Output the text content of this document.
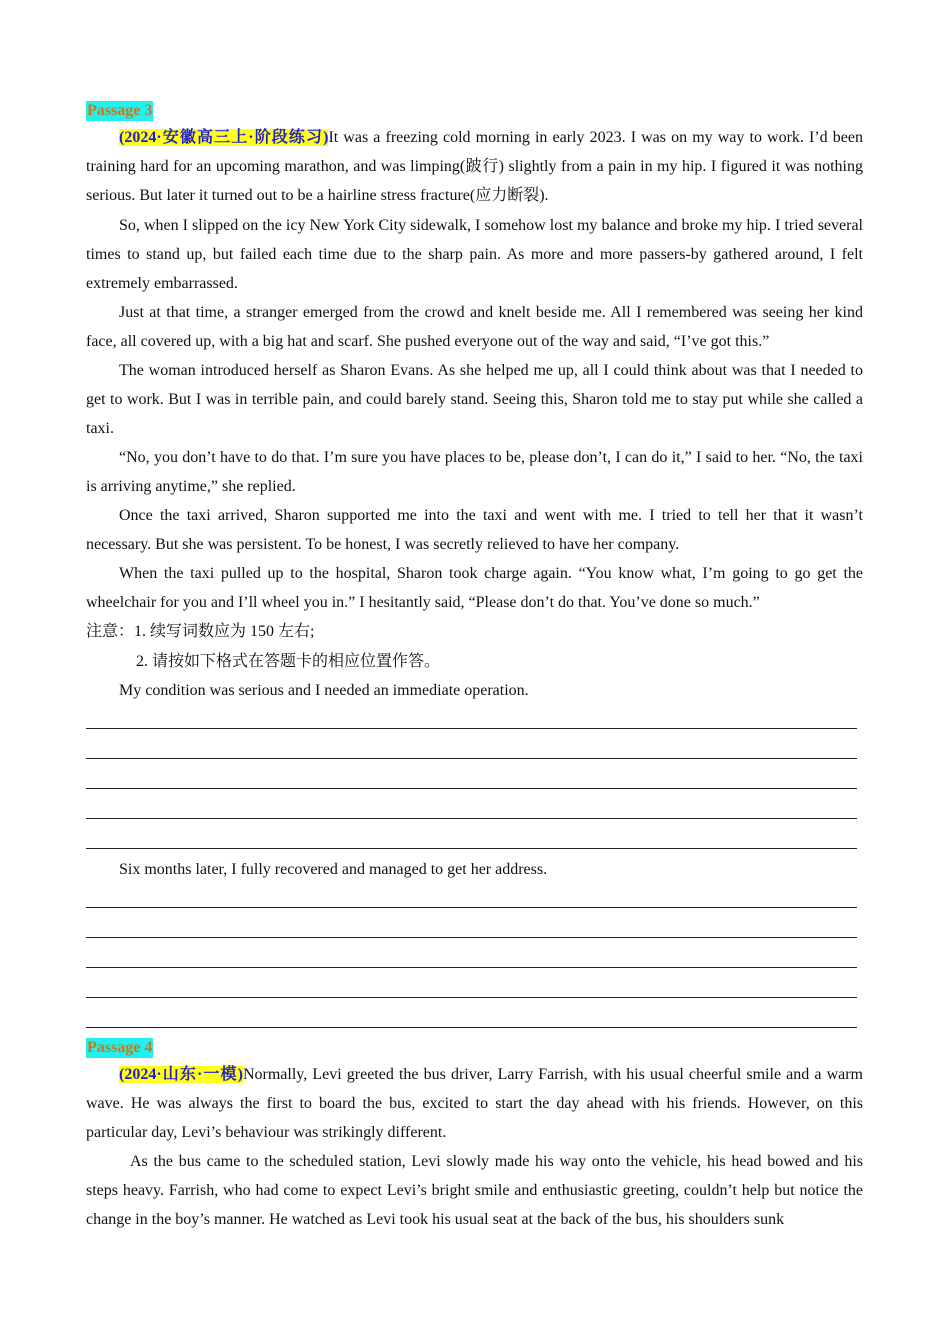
Passage 3

(2024·安徽高三上·阶段练习)It was a freezing cold morning in early 2023. I was on my way to work. I’d been training hard for an upcoming marathon, and was limping(跛行) slightly from a pain in my hip. I figured it was nothing serious. But later it turned out to be a hairline stress fracture(应力断裂).

So, when I slipped on the icy New York City sidewalk, I somehow lost my balance and broke my hip. I tried several times to stand up, but failed each time due to the sharp pain. As more and more passers-by gathered around, I felt extremely embarrassed.

Just at that time, a stranger emerged from the crowd and knelt beside me. All I remembered was seeing her kind face, all covered up, with a big hat and scarf. She pushed everyone out of the way and said, “I’ve got this.”

The woman introduced herself as Sharon Evans. As she helped me up, all I could think about was that I needed to get to work. But I was in terrible pain, and could barely stand. Seeing this, Sharon told me to stay put while she called a taxi.

“No, you don’t have to do that. I’m sure you have places to be, please don’t, I can do it,” I said to her. “No, the taxi is arriving anytime,” she replied.

Once the taxi arrived, Sharon supported me into the taxi and went with me. I tried to tell her that it wasn’t necessary. But she was persistent. To be honest, I was secretly relieved to have her company.

When the taxi pulled up to the hospital, Sharon took charge again. “You know what, I’m going to go get the wheelchair for you and I’ll wheel you in.” I hesitantly said, “Please don’t do that. You’ve done so much.”

注意： 1. 续写词数应为 150 左右;
2. 请按如下格式在答题卡的相应位置作答。

My condition was serious and I needed an immediate operation.

Six months later, I fully recovered and managed to get her address.

Passage 4

(2024·山东·一模)Normally, Levi greeted the bus driver, Larry Farrish, with his usual cheerful smile and a warm wave. He was always the first to board the bus, excited to start the day ahead with his friends. However, on this particular day, Levi’s behaviour was strikingly different.

As the bus came to the scheduled station, Levi slowly made his way onto the vehicle, his head bowed and his steps heavy. Farrish, who had come to expect Levi’s bright smile and enthusiastic greeting, couldn’t help but notice the change in the boy’s manner. He watched as Levi took his usual seat at the back of the bus, his shoulders sunk
